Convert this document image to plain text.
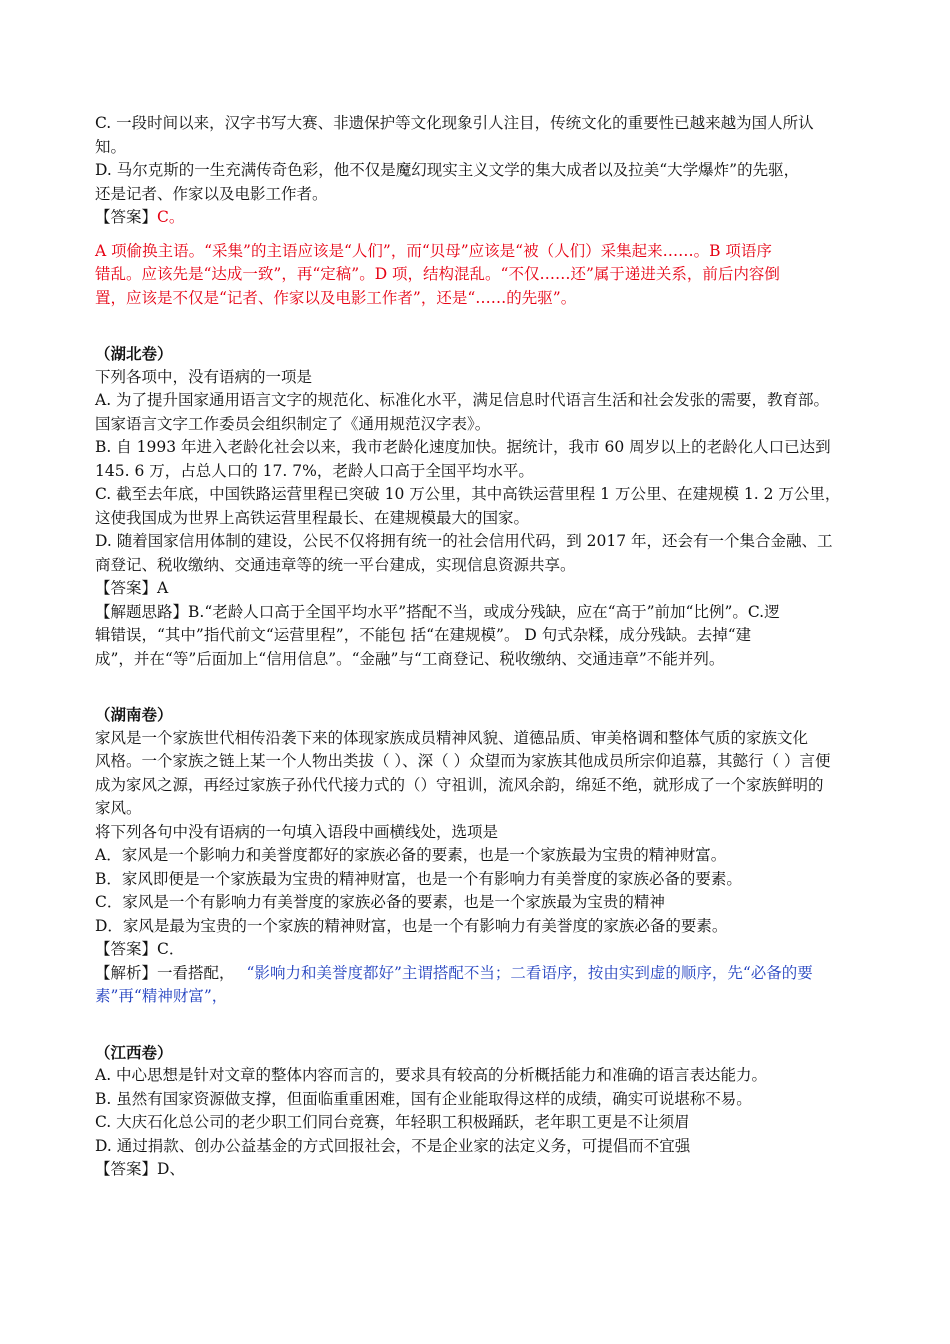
C. 一段时间以来，汉字书写大赛、非遗保护等文化现象引人注目，传统文化的重要性已越来越为国人所认
知。
D. 马尔克斯的一生充满传奇色彩，他不仅是魔幻现实主义文学的集大成者以及拉美“大学爆炸”的先驱，
还是记者、作家以及电影工作者。
【答案】C。
A 项偷换主语。“采集”的主语应该是“人们”，而“贝母”应该是“被（人们）采集起来……。B 项语序
错乱。应该先是“达成一致”，再“定稿”。D 项，结构混乱。“不仅……还”属于递进关系，前后内容倒
置，应该是不仅是“记者、作家以及电影工作者”，还是“……的先驱”。
（湖北卷）
下列各项中，没有语病的一项是
A. 为了提升国家通用语言文字的规范化、标准化水平，满足信息时代语言生活和社会发张的需要，教育部。
国家语言文字工作委员会组织制定了《通用规范汉字表》。
B. 自 1993 年进入老龄化社会以来，我市老龄化速度加快。据统计，我市 60 周岁以上的老龄化人口已达到
145. 6 万，占总人口的 17. 7%，老龄人口高于全国平均水平。
C. 截至去年底，中国铁路运营里程已突破 10 万公里，其中高铁运营里程 1 万公里、在建规模 1. 2 万公里，
这使我国成为世界上高铁运营里程最长、在建规模最大的国家。
D. 随着国家信用体制的建设，公民不仅将拥有统一的社会信用代码，到 2017 年，还会有一个集合金融、工
商登记、税收缴纳、交通违章等的统一平台建成，实现信息资源共享。
【答案】A
【解题思路】B.“老龄人口高于全国平均水平”搭配不当，或成分残缺，应在“高于”前加“比例”。C.逻
辑错误，“其中”指代前文“运营里程”，不能包 括“在建规模”。 D 句式杂糅，成分残缺。去掉“建
成”，并在“等”后面加上“信用信息”。“金融”与“工商登记、税收缴纳、交通违章”不能并列。
（湖南卷）
家风是一个家族世代相传沿袭下来的体现家族成员精神风貌、道德品质、审美格调和整体气质的家族文化
风格。一个家族之链上某一个人物出类拔（ ）、深（ ）众望而为家族其他成员所宗仰追慕，其懿行（ ）言便
成为家风之源，再经过家族子孙代代接力式的（）守祖训，流风余韵，绵延不绝，就形成了一个家族鲜明的
家风。
将下列各句中没有语病的一句填入语段中画横线处，选项是
A．家风是一个影响力和美誉度都好的家族必备的要素，也是一个家族最为宝贵的精神财富。
B．家风即便是一个家族最为宝贵的精神财富，也是一个有影响力有美誉度的家族必备的要素。
C．家风是一个有影响力有美誉度的家族必备的要素，也是一个家族最为宝贵的精神
D．家风是最为宝贵的一个家族的精神财富，也是一个有影响力有美誉度的家族必备的要素。
【答案】C．
【解析】一看搭配， “影响力和美誉度都好”主谓搭配不当；二看语序，按由实到虚的顺序，先“必备的要
素”再“精神财富”，
（江西卷）
A. 中心思想是针对文章的整体内容而言的，要求具有较高的分析概括能力和准确的语言表达能力。
B. 虽然有国家资源做支撑，但面临重重困难，国有企业能取得这样的成绩，确实可说堪称不易。
C. 大庆石化总公司的老少职工们同台竞赛，年轻职工积极踊跃，老年职工更是不让须眉
D. 通过捐款、创办公益基金的方式回报社会，不是企业家的法定义务，可提倡而不宜强
【答案】D、
